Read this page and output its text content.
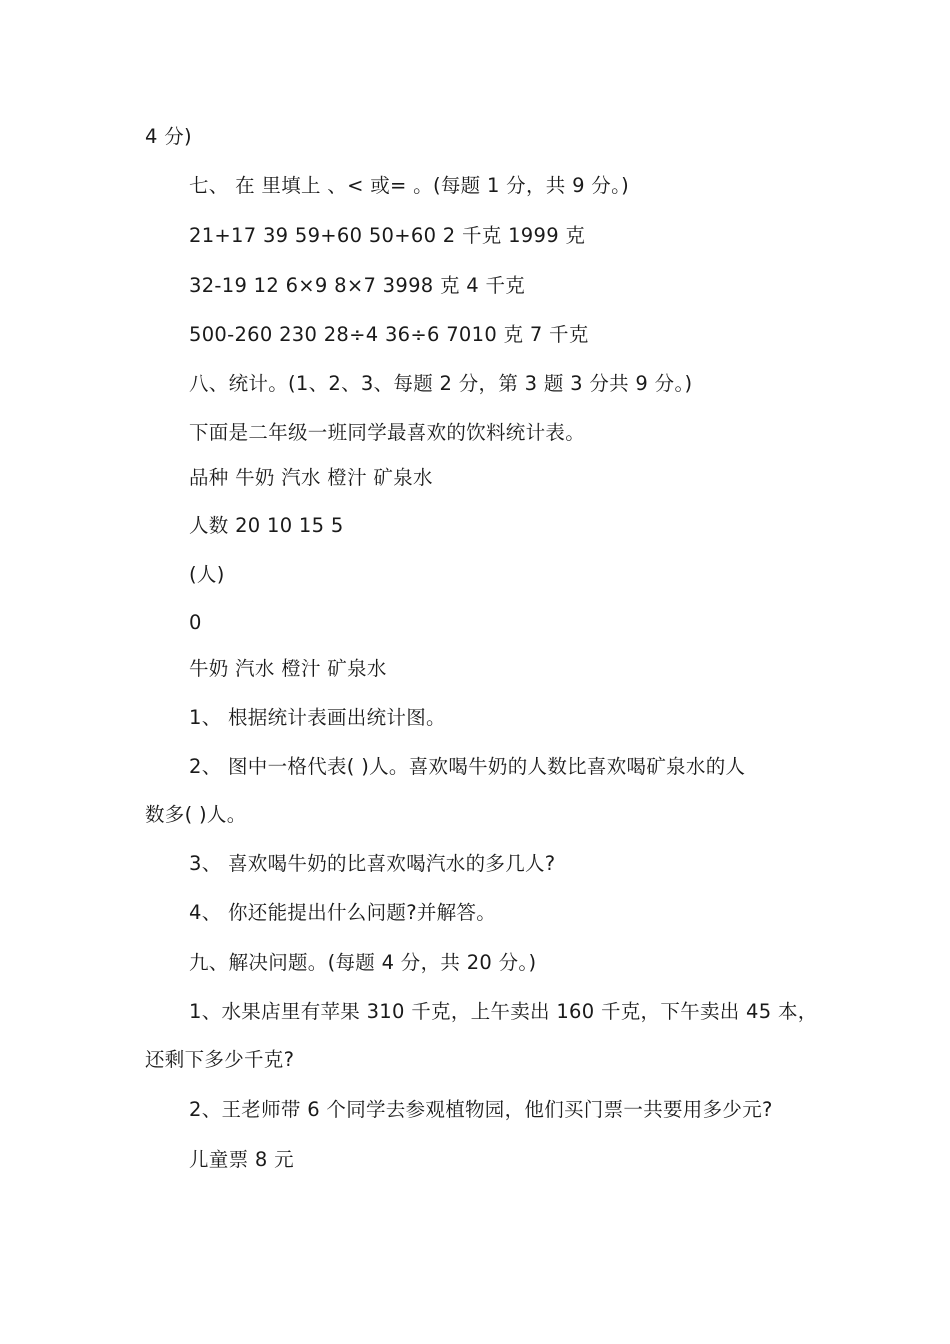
4 分)
七、 在 里填上 、< 或= 。(每题 1 分，共 9 分。)
21+17 39 59+60 50+60 2 千克 1999 克
32-19 12 6×9 8×7 3998 克 4 千克
500-260 230 28÷4 36÷6 7010 克 7 千克
八、统计。(1、2、3、每题 2 分，第 3 题 3 分共 9 分。)
下面是二年级一班同学最喜欢的饮料统计表。
品种 牛奶 汽水 橙汁 矿泉水
人数 20 10 15 5
(人)
0
牛奶 汽水 橙汁 矿泉水
1、 根据统计表画出统计图。
2、 图中一格代表( )人。喜欢喝牛奶的人数比喜欢喝矿泉水的人
数多( )人。
3、 喜欢喝牛奶的比喜欢喝汽水的多几人?
4、 你还能提出什么问题?并解答。
九、解决问题。(每题 4 分，共 20 分。)
1、水果店里有苹果 310 千克，上午卖出 160 千克，下午卖出 45 本，
还剩下多少千克?
2、王老师带 6 个同学去参观植物园，他们买门票一共要用多少元?
儿童票 8 元
